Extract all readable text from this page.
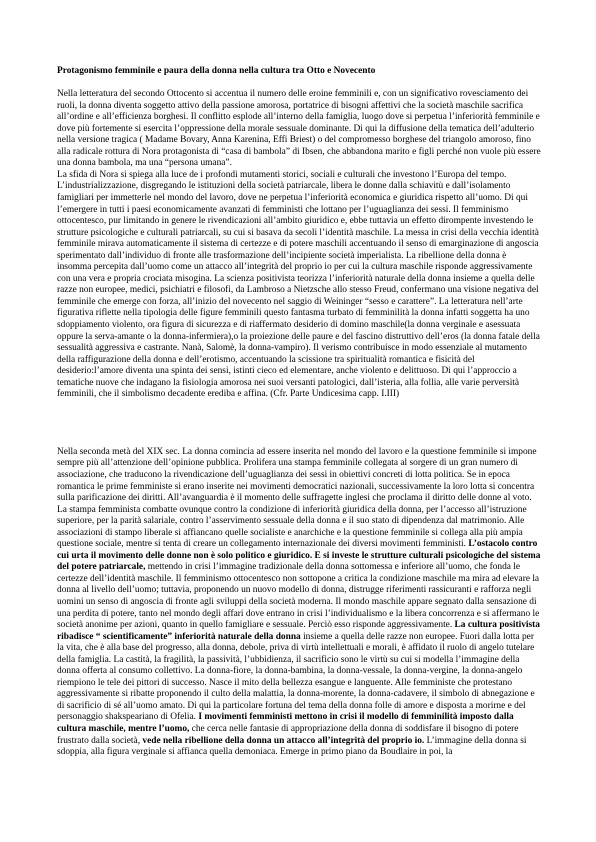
Protagonismo femminile e paura della donna nella cultura tra Otto e Novecento

Nella letteratura del secondo Ottocento si accentua il numero delle eroine femminili e, con un significativo rovesciamento dei ruoli, la donna diventa soggetto attivo della passione amorosa, portatrice di bisogni affettivi che la società maschile sacrifica all’ordine e all’efficienza borghesi. Il conflitto esplode all’interno della famiglia, luogo dove si perpetua l’inferiorità femminile e dove più fortemente si esercita l’oppressione della morale sessuale dominante. Di qui la diffusione della tematica dell’adulterio nella versione tragica ( Madame Bovary, Anna Karenina, Effi Briest) o del compromesso borghese del triangolo amoroso, fino alla radicale rottura di Nora protagonista di “casa di bambola” di Ibsen, che abbandona marito e figli perché non vuole più essere una donna bambola, ma una “persona umana”.

La sfida di Nora si spiega alla luce de i profondi mutamenti storici, sociali e culturali che investono l’Europa del tempo. L’industrializzazione, disgregando le istituzioni della società patriarcale, libera le donne dalla schiavitù e dall’isolamento famigliari per immetterle nel mondo del lavoro, dove ne perpetua l’inferiorità economica e giuridica rispetto all’uomo. Di qui l’emergere in tutti i paesi economicamente avanzati di femministi che lottano per l’uguaglianza dei sessi. Il femminismo ottocentesco, pur limitando in genere le rivendicazioni all’ambito giuridico e, ebbe tuttavia un effetto dirompente investendo le strutture psicologiche e culturali patriarcali, su cui si basava da secoli l’identità maschile. La messa in crisi della vecchia identità femminile mirava automaticamente il sistema di certezze e di potere maschili accentuando il senso di emarginazione di angoscia sperimentato dall’individuo di fronte alle trasformazione dell’incipiente società imperialista. La ribellione della donna è insomma percepita dall’uomo come un attacco all’integrità del proprio io per cui la cultura maschile risponde aggressivamente con una vera e propria crociata misogina. La scienza positivista teorizza l’inferiorità naturale della donna insieme a quella delle razze non europee, medici, psichiatri e filosofi, da Lambroso a Nietzsche allo stesso Freud, confermano una visione negativa del femminile che emerge con forza, all’inizio del novecento nel saggio di Weininger “sesso e carattere”. La letteratura nell’arte figurativa riflette nella tipologia delle figure femminili questo fantasma turbato di femminilità la donna infatti soggetta ha uno sdoppiamento violento, ora figura di sicurezza e di riaffermato desiderio di domino maschile(la donna verginale e asessuata oppure la serva-amante o la donna-infermiera),o la proiezione delle paure e del fascino distruttivo dell’eros (la donna fatale della sessualità aggressiva e castrante. Nanà, Salomè, la donna-vampiro). Il verismo contribuisce in modo essenziale al mutamento della raffigurazione della donna e dell’erotismo, accentuando la scissione tra spiritualità romantica e fisicità del desiderio:l’amore diventa una spinta dei sensi, istinti cieco ed elementare, anche violento e delittuoso. Di qui l’approccio a tematiche nuove che indagano la fisiologia amorosa nei suoi versanti patologici, dall’isteria, alla follia, alle varie perversità femminili, che il simbolismo decadente erediba e affina. (Cfr. Parte Undicesima capp. I.III)

Nella seconda metà del XIX sec. La donna comincia ad essere inserita nel mondo del lavoro e la questione femminile si impone sempre più all’attenzione dell’opinione pubblica. Prolifera una stampa femminile collegata al sorgere di un gran numero di associazione, che traducono la rivendicazione dell’uguaglianza dei sessi in obiettivi concreti di lotta politica. Se in epoca romantica le prime femministe si erano inserite nei movimenti democratici nazionali, successivamente la loro lotta si concentra sulla parificazione dei diritti. All’avanguardia è il momento delle suffragette inglesi che proclama il diritto delle donne al voto. La stampa femminista combatte ovunque contro la condizione di inferiorità giuridica della donna, per l’accesso all’istruzione superiore, per la parità salariale, contro l’asservimento sessuale della donna e il suo stato di dipendenza dal matrimonio. Alle associazioni di stampo liberale si affiancano quelle socialiste e anarchiche e la questione femminile si collega alla più ampia questione sociale, mentre si tenta di creare un collegamento internazionale dei diversi movimenti femministi. L’ostacolo contro cui urta il movimento delle donne non è solo politico e giuridico. E si investe le strutture culturali psicologiche del sistema del potere patriarcale, mettendo in crisi l’immagine tradizionale della donna sottomessa e inferiore all’uomo, che fonda le certezze dell’identità maschile. Il femminismo ottocentesco non sottopone a critica la condizione maschile ma mira ad elevare la donna al livello dell’uomo; tuttavia, proponendo un nuovo modello di donna, distrugge riferimenti rassicuranti e rafforza negli uomini un senso di angoscia di fronte agli sviluppi della società moderna. Il mondo maschile appare segnato dalla sensazione di una perdita di potere, tanto nel mondo degli affari dove entrano in crisi l’individualismo e la libera concorrenza e si affermano le società anonime per azioni, quanto in quello famigliare e sessuale. Perciò esso risponde aggressivamente. La cultura positivista ribadisce “ scientificamente” inferiorità naturale della donna insieme a quella delle razze non europee. Fuori dalla lotta per la vita, che è alla base del progresso, alla donna, debole, priva di virtù intellettuali e morali, è affidato il ruolo di angelo tutelare della famiglia. La castità, la fragilità, la passività, l’ubbidienza, il sacrificio sono le virtù su cui si modella l’immagine della donna offerta al consumo collettivo. La donna-fiore, la donna-bambina, la donna-vessale, la donna-vergine, la donna-angelo riempiono le tele dei pittori di successo. Nasce il mito della bellezza esangue e languente. Alle femministe che protestano aggressivamente si ribatte proponendo il culto della malattia, la donna-morente, la donna-cadavere, il simbolo di abnegazione e di sacrificio di sé all’uomo amato. Di qui la particolare fortuna del tema della donna folle di amore e disposta a morirne e del personaggio shakspeariano di Ofelia. I movimenti femministi mettono in crisi il modello di femminilità imposto dalla cultura maschile, mentre l’uomo, che cerca nelle fantasie di appropriazione della donna di soddisfare il bisogno di potere frustrato dalla società, vede nella ribellione della donna un attacco all’integrità del proprio io. L’immagine della donna si sdoppia, alla figura verginale si affianca quella demoniaca. Emerge in primo piano da Boudlaire in poi, la
